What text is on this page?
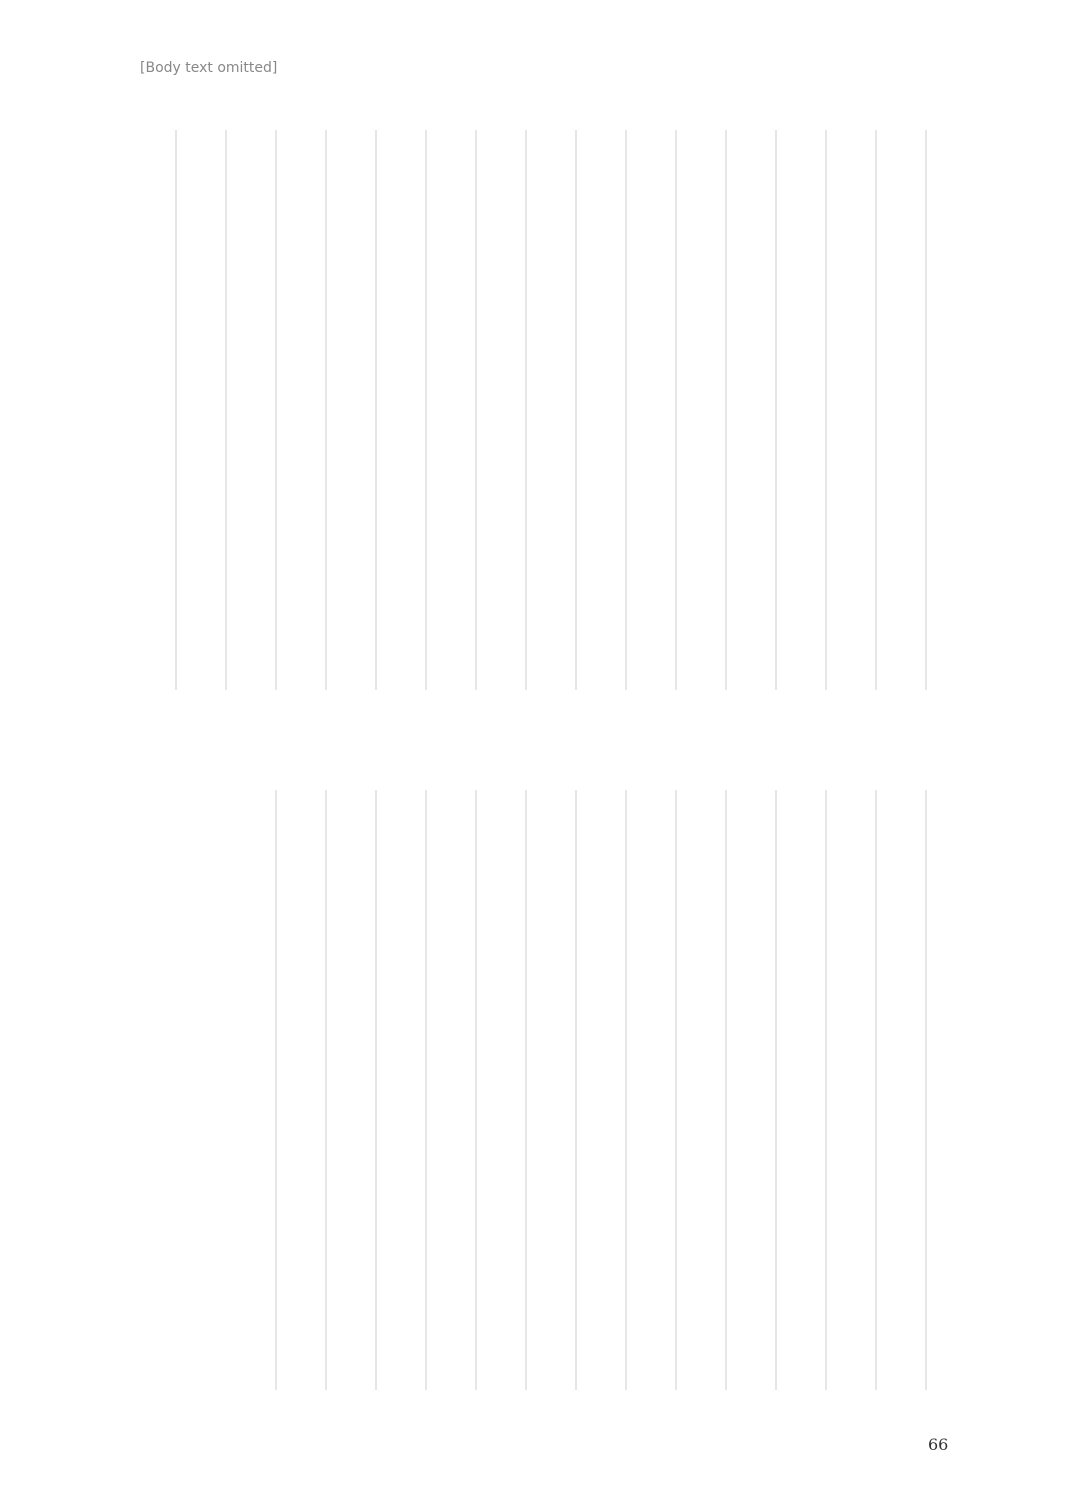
[Body text omitted]
66
